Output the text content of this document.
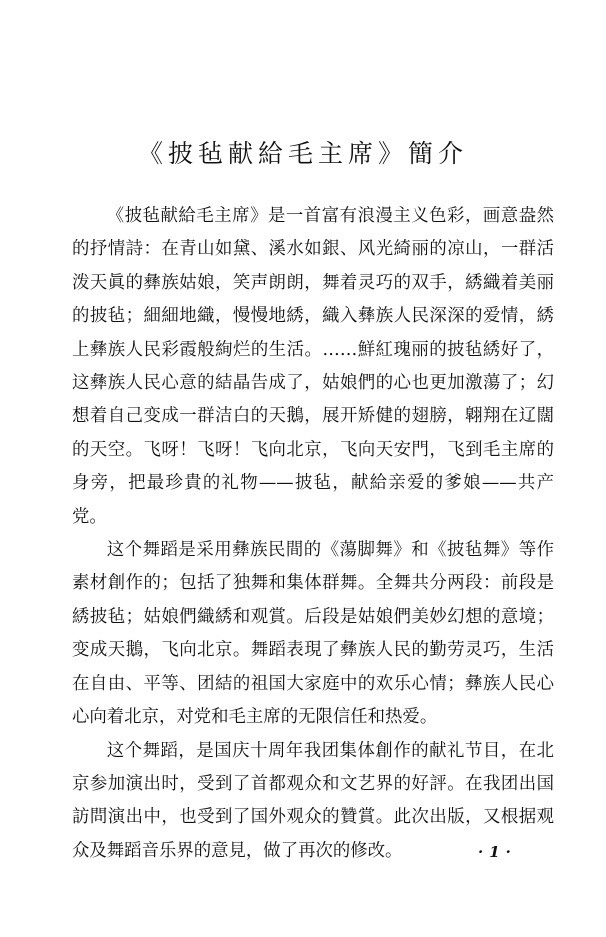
《披毡献給毛主席》簡介

《披毡献給毛主席》是一首富有浪漫主义色彩，画意盎然的抒情詩：在青山如黛、溪水如銀、风光綺丽的凉山，一群活泼天眞的彝族姑娘，笑声朗朗，舞着灵巧的双手，綉織着美丽的披毡；細細地織，慢慢地綉，織入彝族人民深深的爱情，綉上彝族人民彩霞般絢烂的生活。……鮮紅瑰丽的披毡綉好了，这彝族人民心意的結晶告成了，姑娘們的心也更加激蕩了；幻想着自己变成一群洁白的天鵝，展开矫健的翅膀，翺翔在辽闊的天空。飞呀！飞呀！飞向北京，飞向天安門，飞到毛主席的身旁，把最珍貴的礼物——披毡，献給亲爱的爹娘——共产党。

这个舞蹈是采用彝族民間的《蕩脚舞》和《披毡舞》等作素材創作的；包括了独舞和集体群舞。全舞共分两段：前段是綉披毡；姑娘們織綉和观賞。后段是姑娘們美妙幻想的意境；变成天鵝，飞向北京。舞蹈表現了彝族人民的勤劳灵巧，生活在自由、平等、团結的祖国大家庭中的欢乐心情；彝族人民心心向着北京，对党和毛主席的无限信任和热爱。

这个舞蹈，是国庆十周年我团集体創作的献礼节目，在北京参加演出时，受到了首都观众和文艺界的好評。在我团出国訪問演出中，也受到了国外观众的贊賞。此次出版，又根据观众及舞蹈音乐界的意見，做了再次的修改。	·1·
